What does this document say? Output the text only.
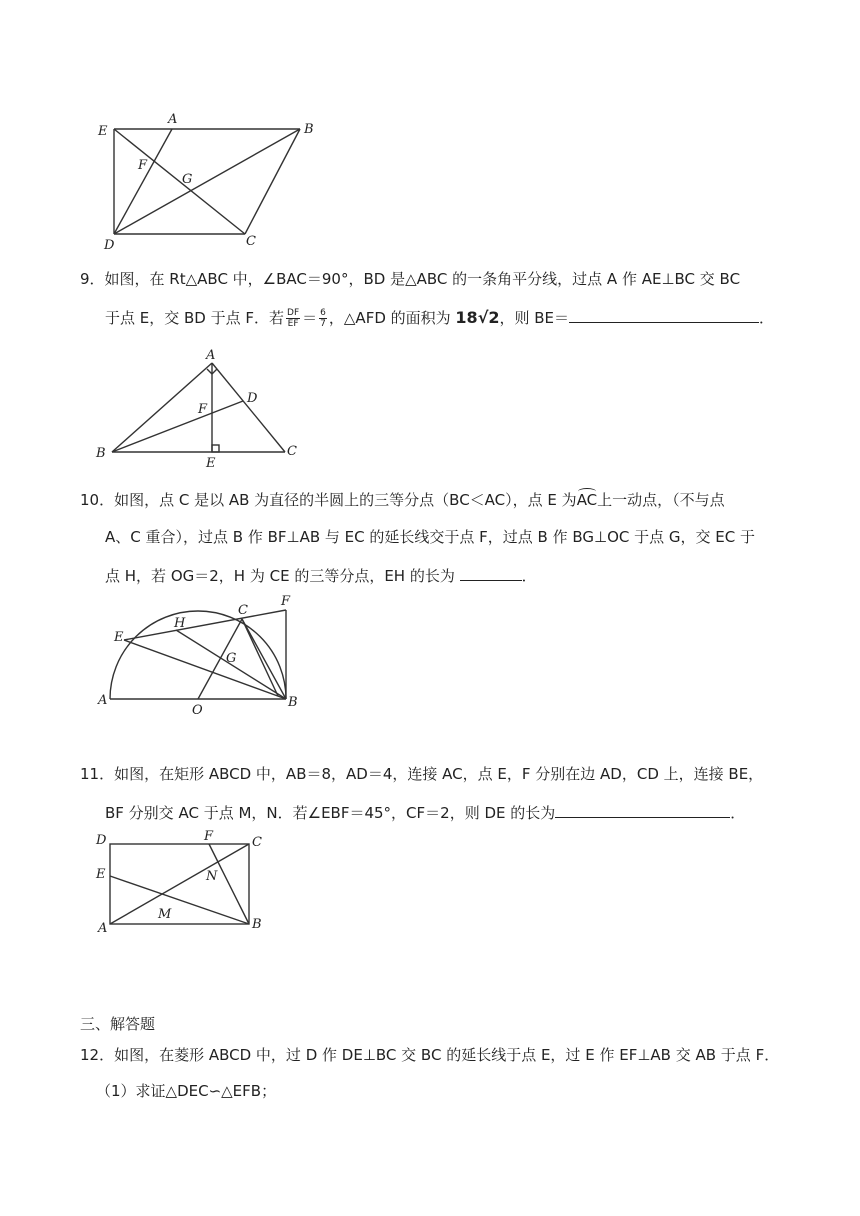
E
A
B
F
G
D	C
9．如图，在 Rt△ABC 中，∠BAC＝90°，BD 是△ABC 的一条角平分线，过点 A 作 AE⊥BC 交 BC
于点 E，交 BD 于点 F．若 $\frac{DF}{EF} = \frac{6}{7}$ ，△AFD 的面积为 18√2，则 BE＝	．
A
D
F
B
E
C
10．如图，点 C 是以 AB 为直径的半圆上的三等分点（BC＜AC），点 E 为AC上一动点，（不与点
A、C 重合），过点 B 作 BF⊥AB 与 EC 的延长线交于点 F，过点 B 作 BG⊥OC 于点 G，交 EC 于
点 H，若 OG＝2，H 为 CE 的三等分点，EH 的长为	．
C
F
E
H
G
A
O
B
11．如图，在矩形 ABCD 中，AB＝8，AD＝4，连接 AC，点 E，F 分别在边 AD，CD 上，连接 BE，
BF 分别交 AC 于点 M，N．若∠EBF＝45°，CF＝2，则 DE 的长为	．
D	F	C
E	N
M
A	B
三、解答题
12．如图，在菱形 ABCD 中，过 D 作 DE⊥BC 交 BC 的延长线于点 E，过 E 作 EF⊥AB 交 AB 于点 F．
（1）求证△DEC∽△EFB；
